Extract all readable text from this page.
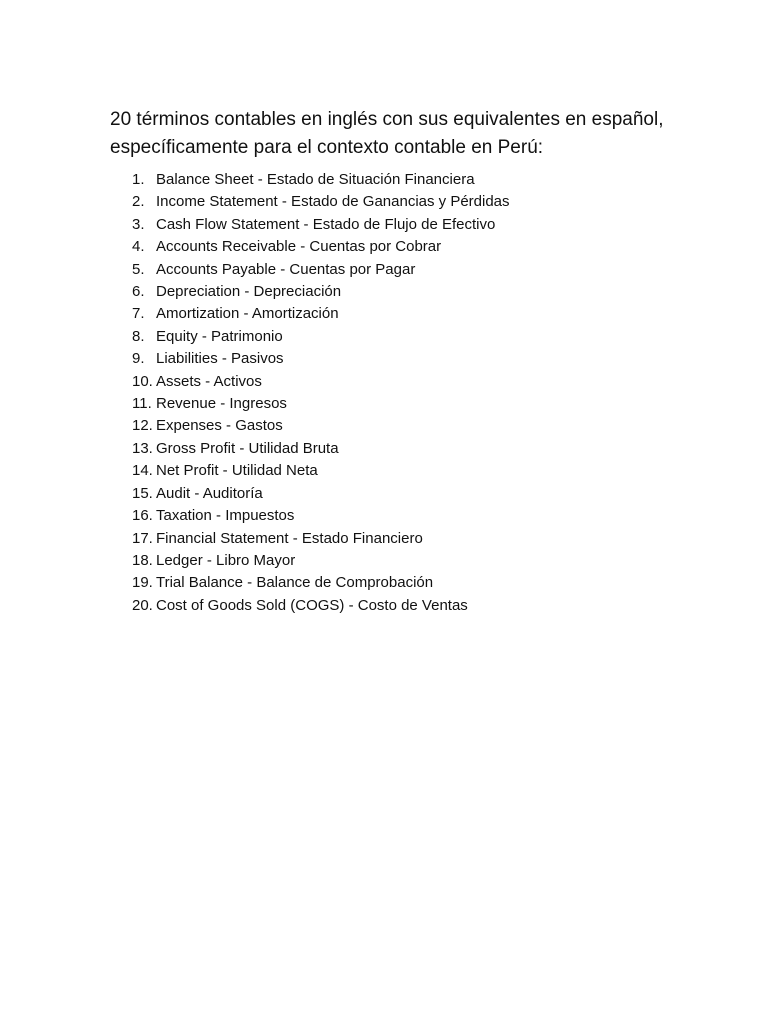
20 términos contables en inglés con sus equivalentes en español,
específicamente para el contexto contable en Perú:

1. Balance Sheet - Estado de Situación Financiera
2. Income Statement - Estado de Ganancias y Pérdidas
3. Cash Flow Statement - Estado de Flujo de Efectivo
4. Accounts Receivable - Cuentas por Cobrar
5. Accounts Payable - Cuentas por Pagar
6. Depreciation - Depreciación
7. Amortization - Amortización
8. Equity - Patrimonio
9. Liabilities - Pasivos
10. Assets - Activos
11. Revenue - Ingresos
12. Expenses - Gastos
13. Gross Profit - Utilidad Bruta
14. Net Profit - Utilidad Neta
15. Audit - Auditoría
16. Taxation - Impuestos
17. Financial Statement - Estado Financiero
18. Ledger - Libro Mayor
19. Trial Balance - Balance de Comprobación
20. Cost of Goods Sold (COGS) - Costo de Ventas
